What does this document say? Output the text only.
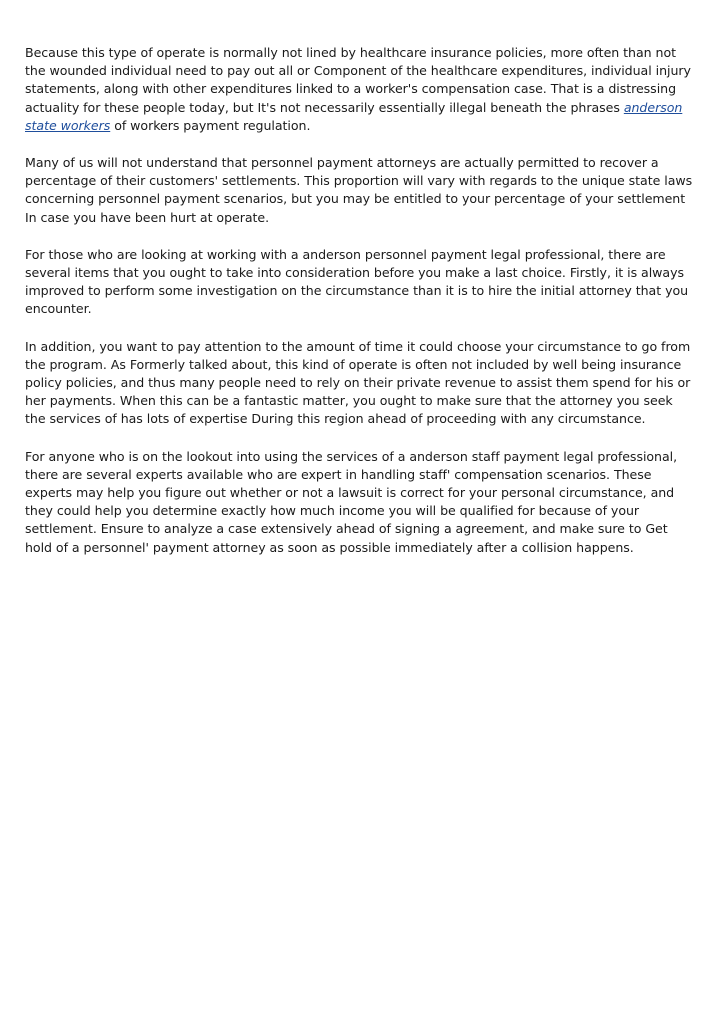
Because this type of operate is normally not lined by healthcare insurance policies, more often than not the wounded individual need to pay out all or Component of the healthcare expenditures, individual injury statements, along with other expenditures linked to a worker's compensation case. That is a distressing actuality for these people today, but It's not necessarily essentially illegal beneath the phrases anderson state workers of workers payment regulation.

Many of us will not understand that personnel payment attorneys are actually permitted to recover a percentage of their customers' settlements. This proportion will vary with regards to the unique state laws concerning personnel payment scenarios, but you may be entitled to your percentage of your settlement In case you have been hurt at operate.

For those who are looking at working with a anderson personnel payment legal professional, there are several items that you ought to take into consideration before you make a last choice. Firstly, it is always improved to perform some investigation on the circumstance than it is to hire the initial attorney that you encounter.

In addition, you want to pay attention to the amount of time it could choose your circumstance to go from the program. As Formerly talked about, this kind of operate is often not included by well being insurance policy policies, and thus many people need to rely on their private revenue to assist them spend for his or her payments. When this can be a fantastic matter, you ought to make sure that the attorney you seek the services of has lots of expertise During this region ahead of proceeding with any circumstance.

For anyone who is on the lookout into using the services of a anderson staff payment legal professional, there are several experts available who are expert in handling staff' compensation scenarios. These experts may help you figure out whether or not a lawsuit is correct for your personal circumstance, and they could help you determine exactly how much income you will be qualified for because of your settlement. Ensure to analyze a case extensively ahead of signing a agreement, and make sure to Get hold of a personnel' payment attorney as soon as possible immediately after a collision happens.
